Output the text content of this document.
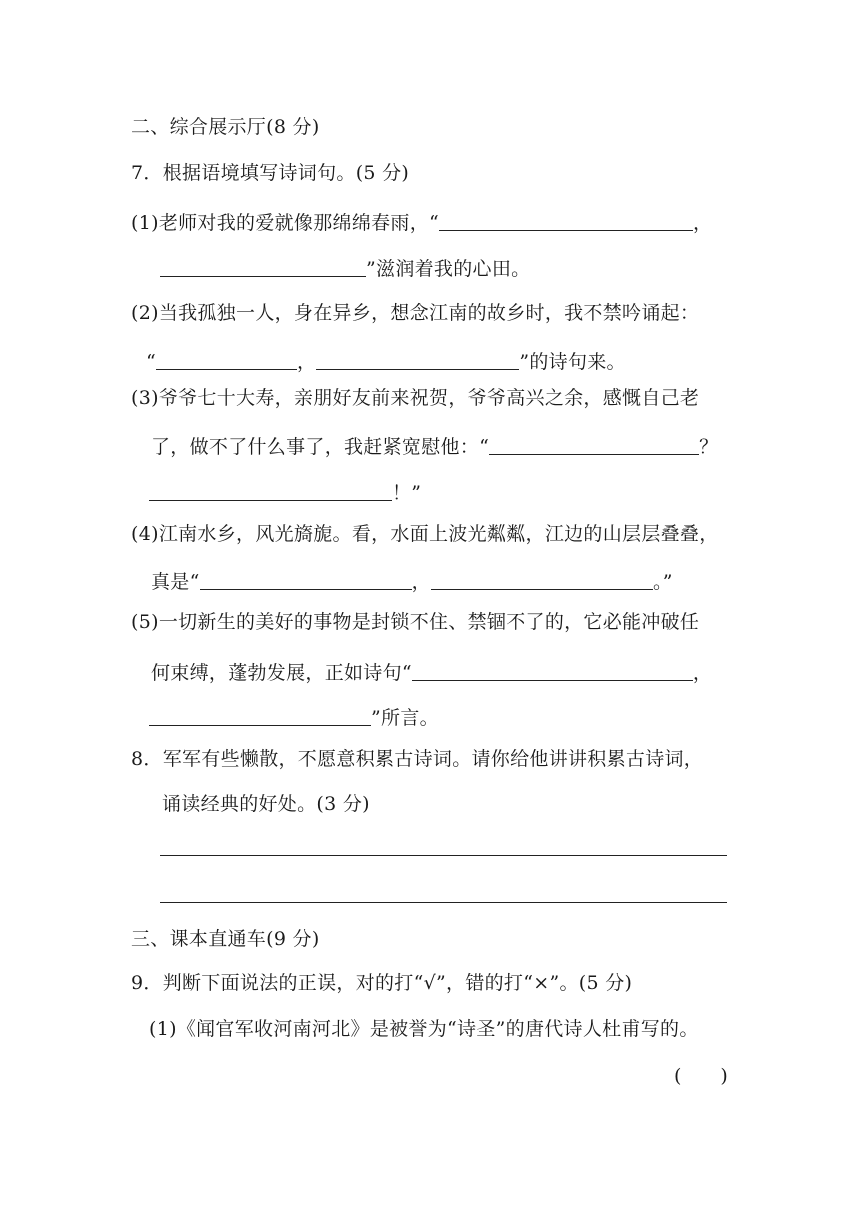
二、综合展示厅(8 分)
7．根据语境填写诗词句。(5 分)
(1)老师对我的爱就像那绵绵春雨，“	，
”滋润着我的心田。
(2)当我孤独一人，身在异乡，想念江南的故乡时，我不禁吟诵起：
“	，	”的诗句来。
(3)爷爷七十大寿，亲朋好友前来祝贺，爷爷高兴之余，感慨自己老
了，做不了什么事了，我赶紧宽慰他：“	？
！”
(4)江南水乡，风光旖旎。看，水面上波光粼粼，江边的山层层叠叠，
真是“	，	。”
(5)一切新生的美好的事物是封锁不住、禁锢不了的，它必能冲破任
何束缚，蓬勃发展，正如诗句“	，
”所言。
8．军军有些懒散，不愿意积累古诗词。请你给他讲讲积累古诗词，
诵读经典的好处。(3 分)
三、课本直通车(9 分)
9．判断下面说法的正误，对的打“√”，错的打“×”。(5 分)
(1)《闻官军收河南河北》是被誉为“诗圣”的唐代诗人杜甫写的。
(　　)
